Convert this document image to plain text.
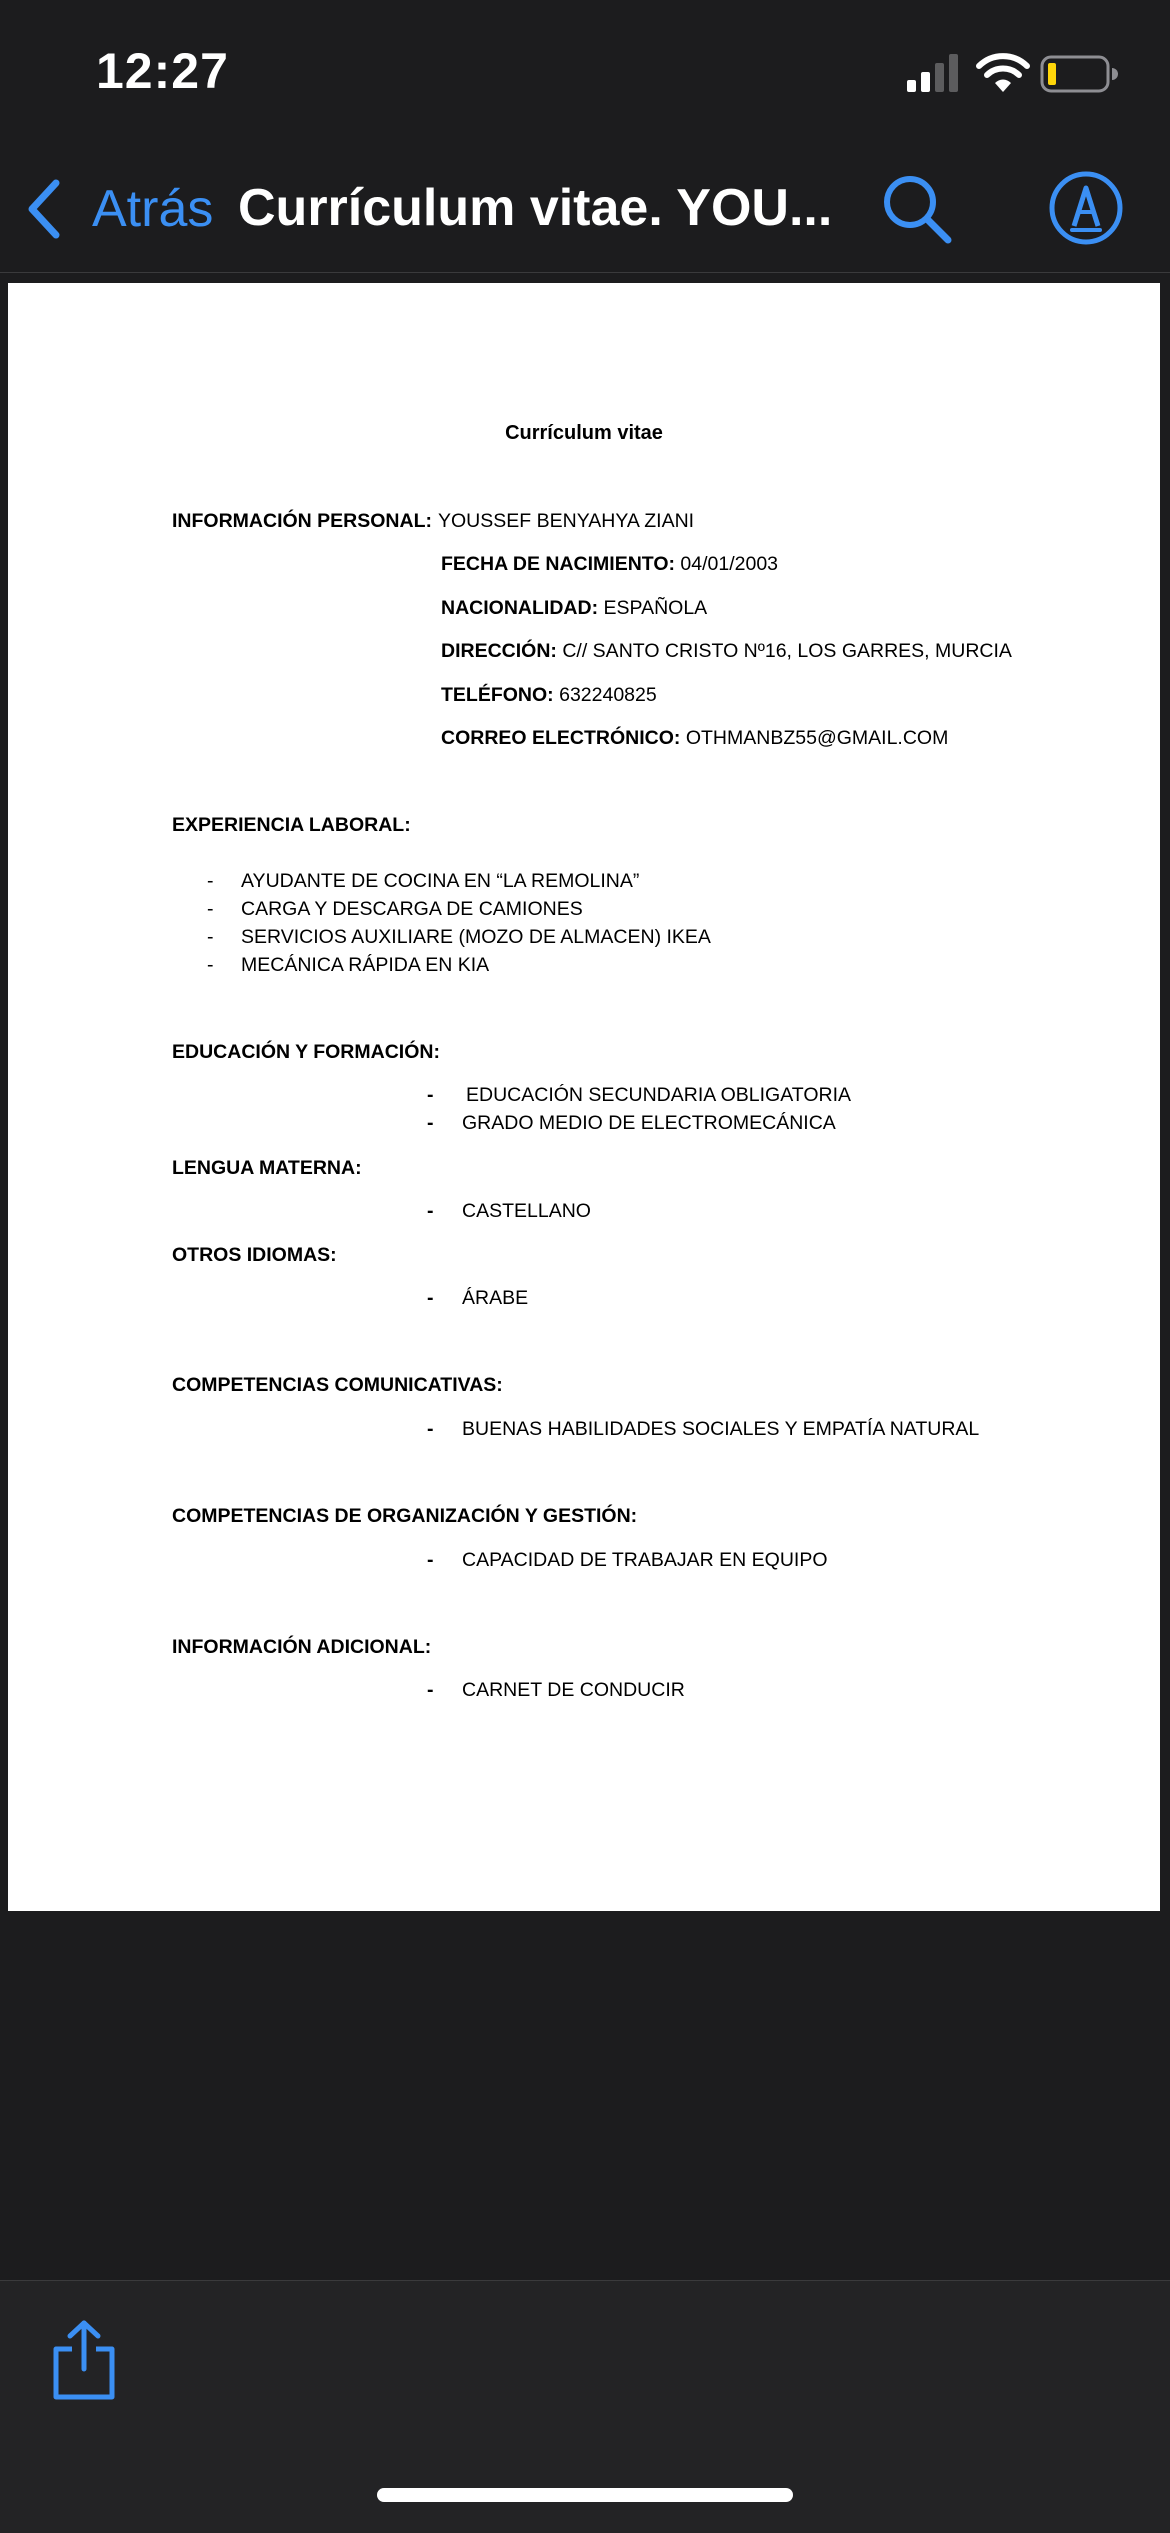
12:27
Atrás Currículum vitae. YOU...
Currículum vitae
INFORMACIÓN PERSONAL: YOUSSEF BENYAHYA ZIANI
FECHA DE NACIMIENTO: 04/01/2003
NACIONALIDAD: ESPAÑOLA
DIRECCIÓN: C// SANTO CRISTO Nº16, LOS GARRES, MURCIA
TELÉFONO: 632240825
CORREO ELECTRÓNICO: OTHMANBZ55@GMAIL.COM
EXPERIENCIA LABORAL:
- AYUDANTE DE COCINA EN “LA REMOLINA”
- CARGA Y DESCARGA DE CAMIONES
- SERVICIOS AUXILIARE (MOZO DE ALMACEN) IKEA
- MECÁNICA RÁPIDA EN KIA
EDUCACIÓN Y FORMACIÓN:
- EDUCACIÓN SECUNDARIA OBLIGATORIA
- GRADO MEDIO DE ELECTROMECÁNICA
LENGUA MATERNA:
- CASTELLANO
OTROS IDIOMAS:
- ÁRABE
COMPETENCIAS COMUNICATIVAS:
- BUENAS HABILIDADES SOCIALES Y EMPATÍA NATURAL
COMPETENCIAS DE ORGANIZACIÓN Y GESTIÓN:
- CAPACIDAD DE TRABAJAR EN EQUIPO
INFORMACIÓN ADICIONAL:
- CARNET DE CONDUCIR
